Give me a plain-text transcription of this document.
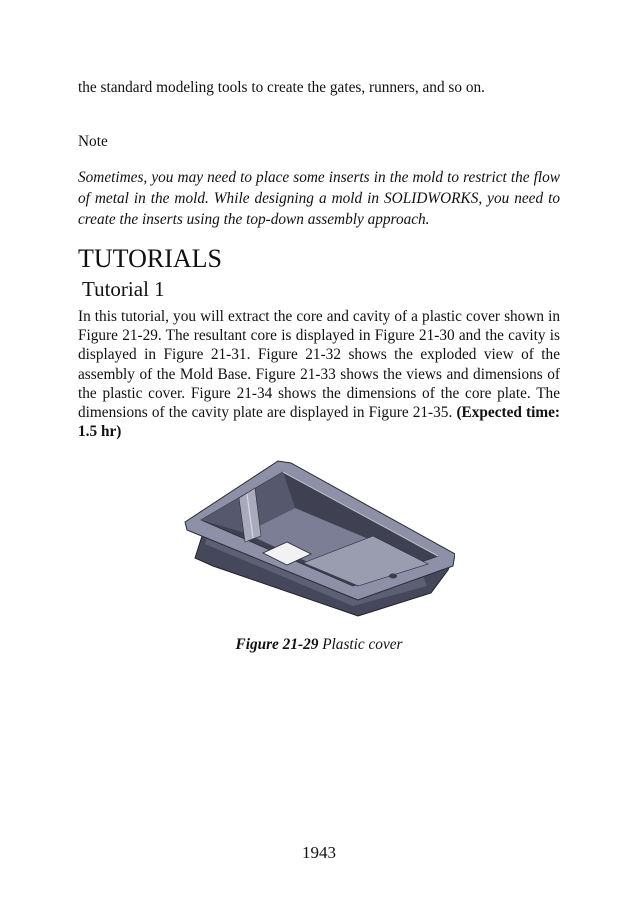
the standard modeling tools to create the gates, runners, and so on.

Note

Sometimes, you may need to place some inserts in the mold to restrict the flow of metal in the mold. While designing a mold in SOLIDWORKS, you need to create the inserts using the top-down assembly approach.

TUTORIALS
Tutorial 1

In this tutorial, you will extract the core and cavity of a plastic cover shown in Figure 21-29. The resultant core is displayed in Figure 21-30 and the cavity is displayed in Figure 21-31. Figure 21-32 shows the exploded view of the assembly of the Mold Base. Figure 21-33 shows the views and dimensions of the plastic cover. Figure 21-34 shows the dimensions of the core plate. The dimensions of the cavity plate are displayed in Figure 21-35. (Expected time: 1.5 hr)

Figure 21-29 Plastic cover

1943
